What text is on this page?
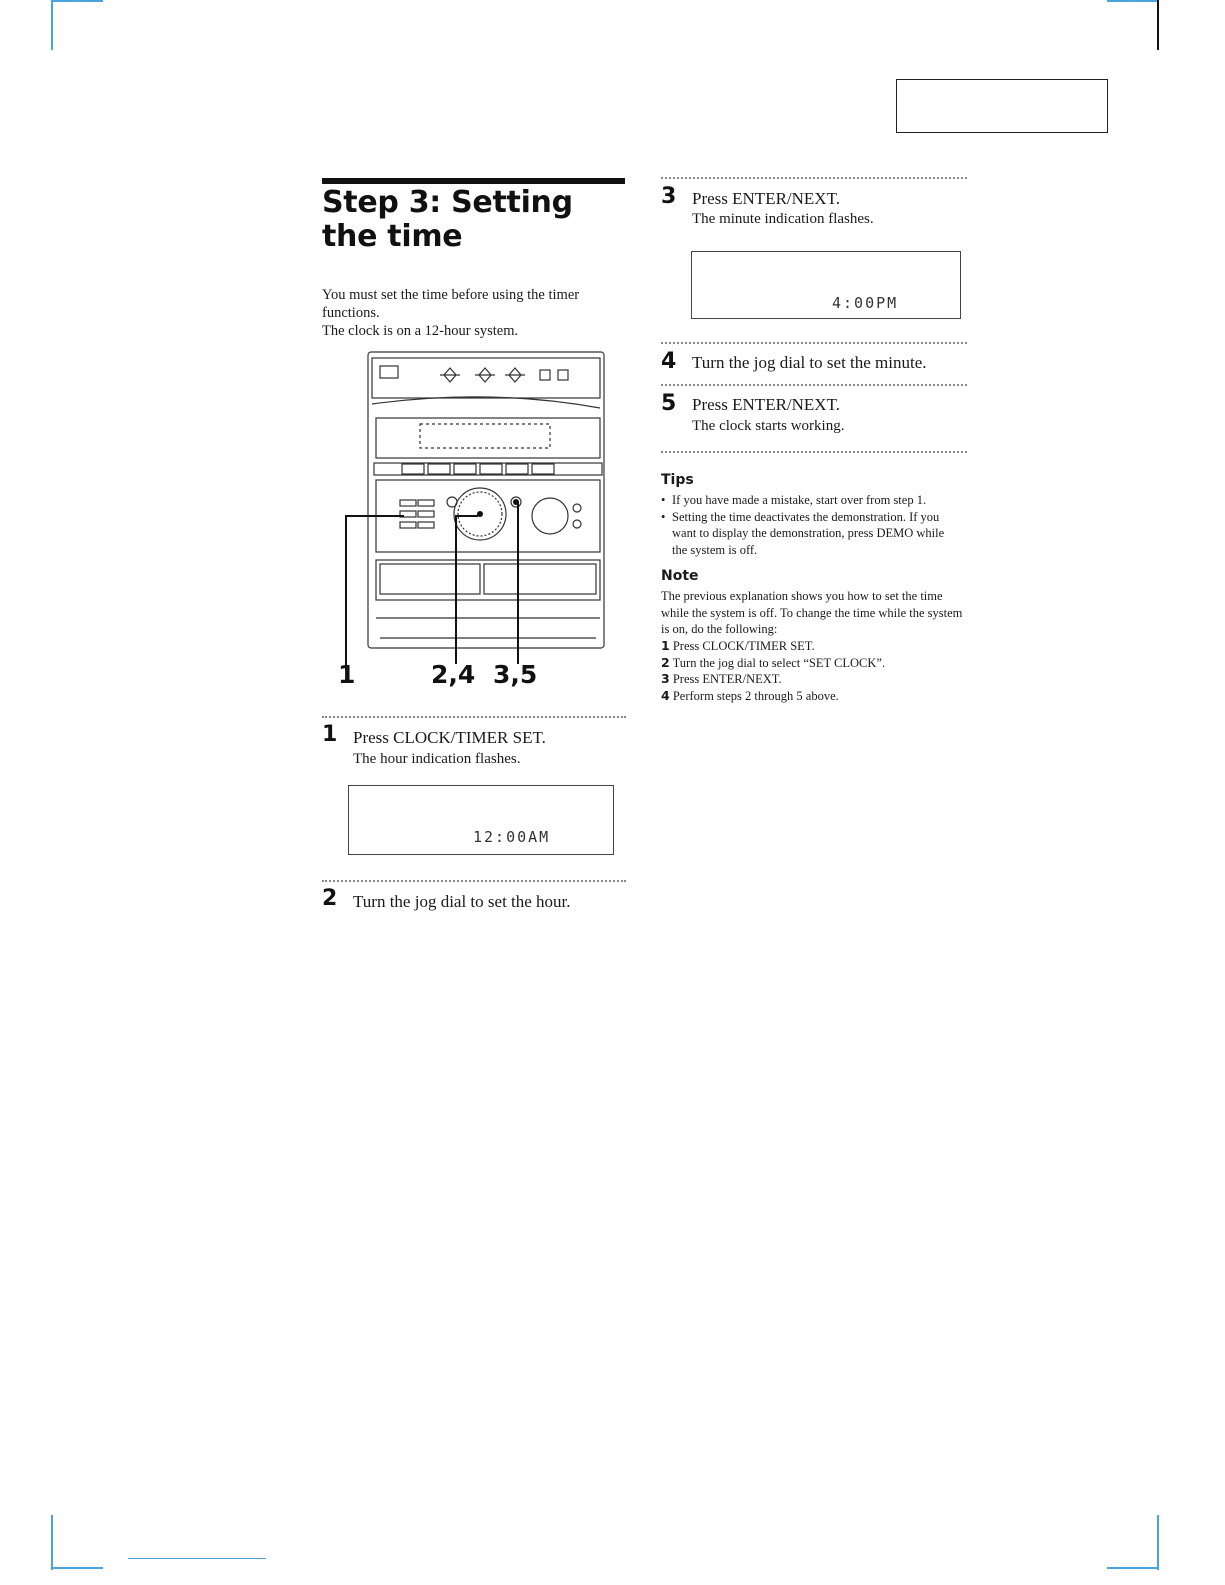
Step 3: Setting the time
You must set the time before using the timer functions.
The clock is on a 12-hour system.
1	2,4 3,5
1 Press CLOCK/TIMER SET.
The hour indication flashes.
12:00AM
2 Turn the jog dial to set the hour.
3 Press ENTER/NEXT.
The minute indication flashes.
4:00PM
4 Turn the jog dial to set the minute.
5 Press ENTER/NEXT.
The clock starts working.
Tips
• If you have made a mistake, start over from step 1.
• Setting the time deactivates the demonstration. If you want to display the demonstration, press DEMO while the system is off.
Note
The previous explanation shows you how to set the time while the system is off. To change the time while the system is on, do the following:
1 Press CLOCK/TIMER SET.
2 Turn the jog dial to select “SET CLOCK”.
3 Press ENTER/NEXT.
4 Perform steps 2 through 5 above.
